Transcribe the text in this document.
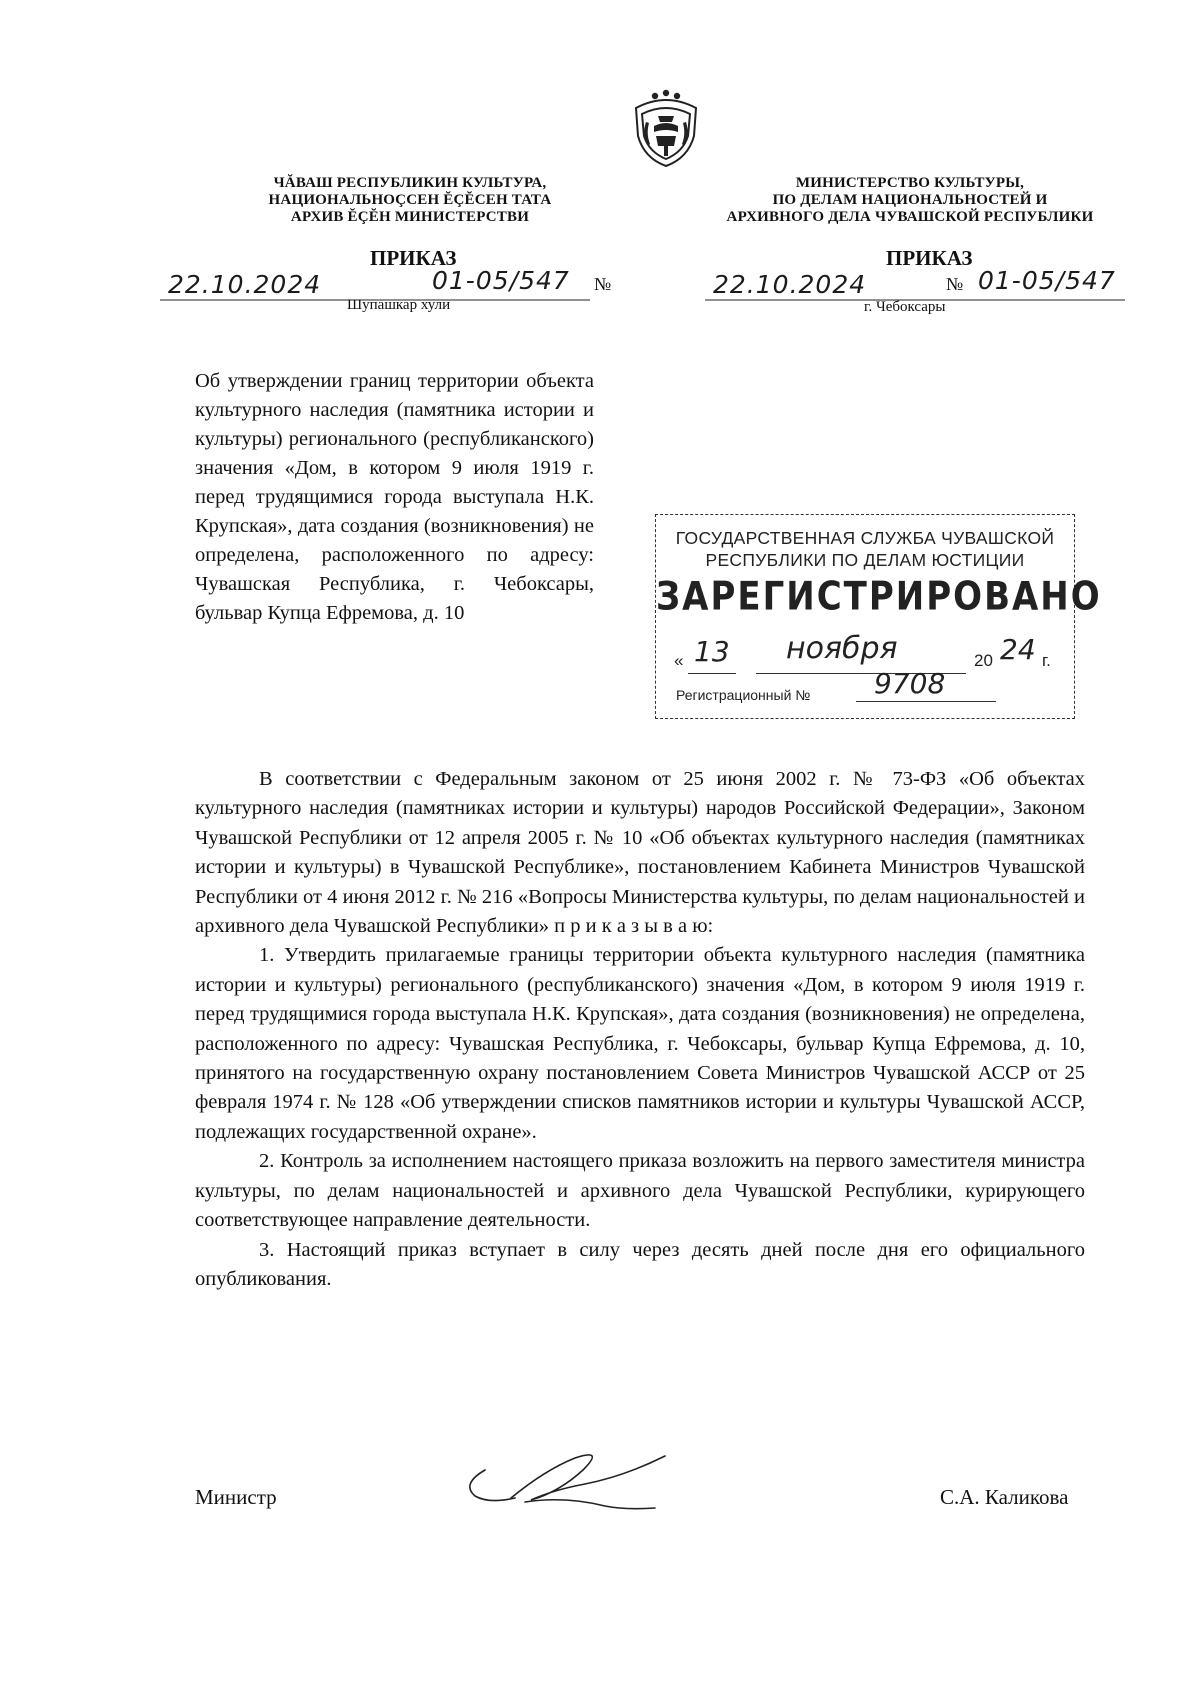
ЧĂВАШ РЕСПУБЛИКИН КУЛЬТУРА,
НАЦИОНАЛЬНОÇСЕН ĔÇĔСЕН ТАТА
АРХИВ ĔÇĔН МИНИСТЕРСТВИ
МИНИСТЕРСТВО КУЛЬТУРЫ,
ПО ДЕЛАМ НАЦИОНАЛЬНОСТЕЙ И
АРХИВНОГО ДЕЛА ЧУВАШСКОЙ РЕСПУБЛИКИ
ПРИКАЗ	ПРИКАЗ
22.10.2024	01-05/547 №	22.10.2024	№ 01-05/547
Шупашкар хули	г. Чебоксары
Об утверждении границ территории объекта культурного наследия (памятника истории и культуры) регионального (республиканского) значения «Дом, в котором 9 июля 1919 г. перед трудящимися города выступала Н.К. Крупская», дата создания (возникновения) не определена, расположенного по адресу: Чувашская Республика, г. Чебоксары, бульвар Купца Ефремова, д. 10
ГОСУДАРСТВЕННАЯ СЛУЖБА ЧУВАШСКОЙ
РЕСПУБЛИКИ ПО ДЕЛАМ ЮСТИЦИИ
ЗАРЕГИСТРИРОВАНО
« 13 ноября	20 24 г.
Регистрационный № 9708

В соответствии с Федеральным законом от 25 июня 2002 г. № 73-ФЗ «Об объектах культурного наследия (памятниках истории и культуры) народов Российской Федерации», Законом Чувашской Республики от 12 апреля 2005 г. № 10 «Об объектах культурного наследия (памятниках истории и культуры) в Чувашской Республике», постановлением Кабинета Министров Чувашской Республики от 4 июня 2012 г. № 216 «Вопросы Министерства культуры, по делам национальностей и архивного дела Чувашской Республики» п р и к а з ы в а ю:

1. Утвердить прилагаемые границы территории объекта культурного наследия (памятника истории и культуры) регионального (республиканского) значения «Дом, в котором 9 июля 1919 г. перед трудящимися города выступала Н.К. Крупская», дата создания (возникновения) не определена, расположенного по адресу: Чувашская Республика, г. Чебоксары, бульвар Купца Ефремова, д. 10, принятого на государственную охрану постановлением Совета Министров Чувашской АССР от 25 февраля 1974 г. № 128 «Об утверждении списков памятников истории и культуры Чувашской АССР, подлежащих государственной охране».

2. Контроль за исполнением настоящего приказа возложить на первого заместителя министра культуры, по делам национальностей и архивного дела Чувашской Республики, курирующего соответствующее направление деятельности.

3. Настоящий приказ вступает в силу через десять дней после дня его официального опубликования.

Министр	С.А. Каликова
